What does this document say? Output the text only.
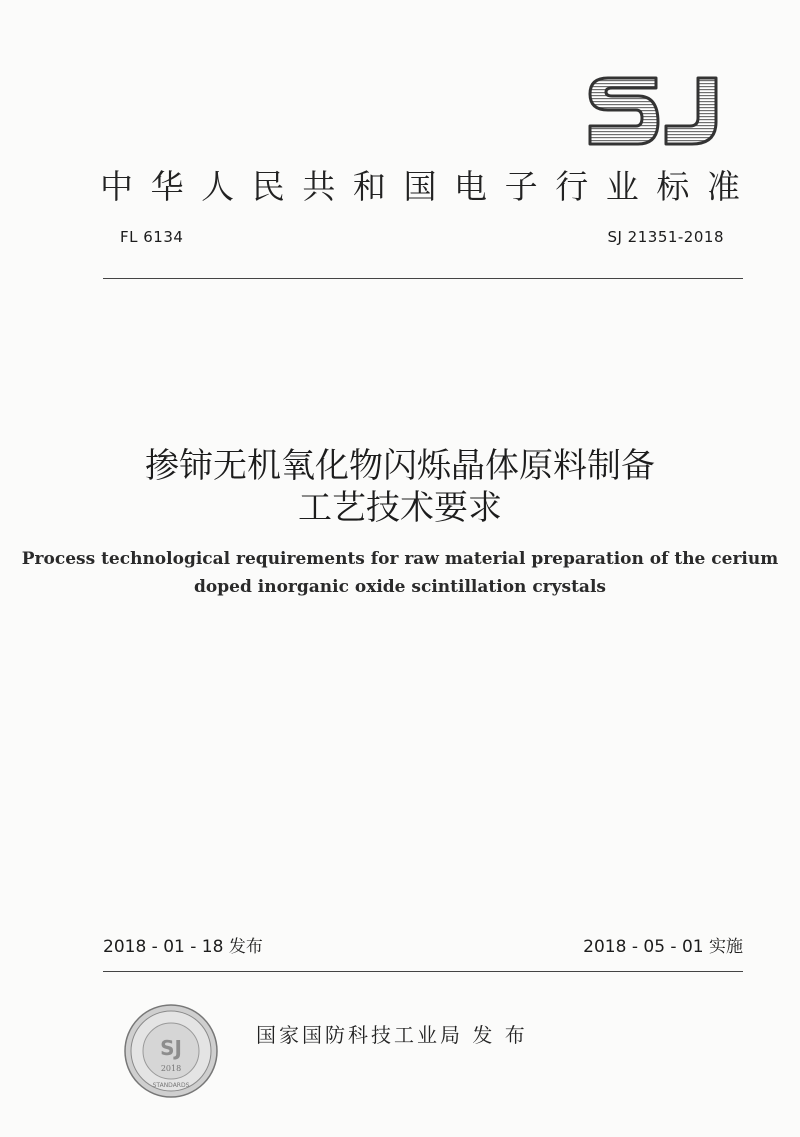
中 华 人 民 共 和 国 电 子 行 业 标 准
FL 6134	SJ 21351-2018
掺铈无机氧化物闪烁晶体原料制备
工艺技术要求
Process technological requirements for raw material preparation of the cerium
doped inorganic oxide scintillation crystals
2018 - 01 - 18 发布	2018 - 05 - 01 实施
SJ
2018
STANDARDS
国家国防科技工业局 发 布
